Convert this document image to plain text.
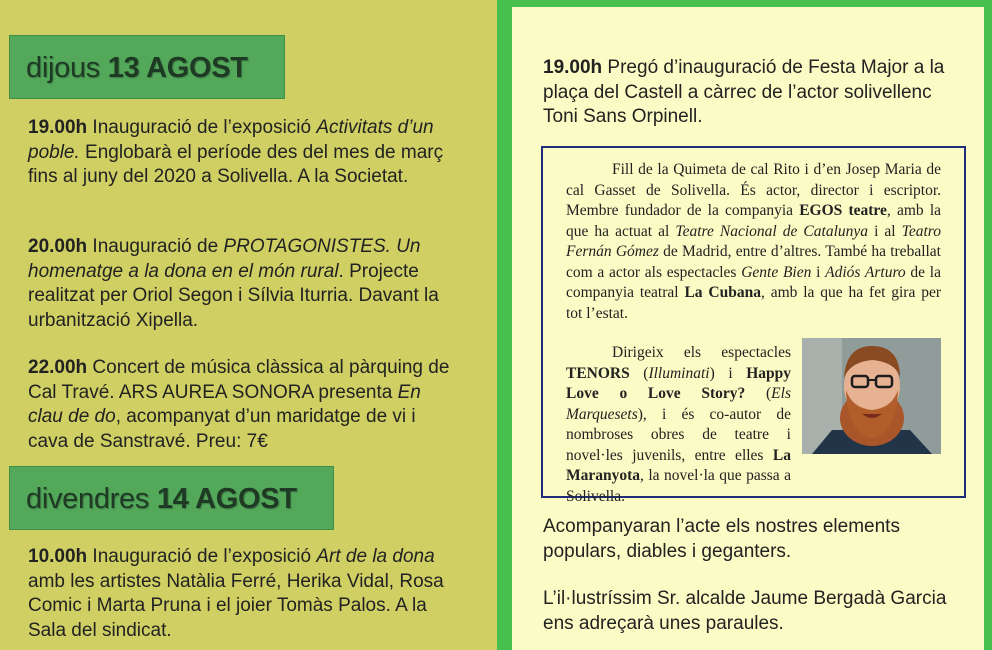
dijous 13 AGOST
19.00h Inauguració de l’exposició Activitats d’un poble. Englobarà el període des del mes de març fins al juny del 2020 a Solivella. A la Societat.
20.00h Inauguració de PROTAGONISTES. Un homenatge a la dona en el món rural. Projecte realitzat per Oriol Segon i Sílvia Iturria. Davant la urbanització Xipella.
22.00h Concert de música clàssica al pàrquing de Cal Travé. ARS AUREA SONORA presenta En clau de do, acompanyat d’un maridatge de vi i cava de Sanstravé. Preu: 7€
divendres 14 AGOST
10.00h Inauguració de l’exposició Art de la dona amb les artistes Natàlia Ferré, Herika Vidal, Rosa Comic i Marta Pruna i el joier Tomàs Palos. A la Sala del sindicat.
19.00h Pregó d’inauguració de Festa Major a la plaça del Castell a càrrec de l’actor solivellenc Toni Sans Orpinell.
Fill de la Quimeta de cal Rito i d’en Josep Maria de cal Gasset de Solivella. És actor, director i escriptor. Membre fundador de la companyia EGOS teatre, amb la que ha actuat al Teatre Nacional de Catalunya i al Teatro Fernán Gómez de Madrid, entre d’altres. També ha treballat com a actor als espectacles Gente Bien i Adiós Arturo de la companyia teatral La Cubana, amb la que ha fet gira per tot l’estat.
Dirigeix els espectacles TENORS (Illuminati) i Happy Love o Love Story? (Els Marquesets), i és co-autor de nombroses obres de teatre i novel·les juvenils, entre elles La Maranyota, la novel·la que passa a Solivella.
Acompanyaran l’acte els nostres elements populars, diables i geganters.
L’il·lustríssim Sr. alcalde Jaume Bergadà Garcia ens adreçarà unes paraules.
